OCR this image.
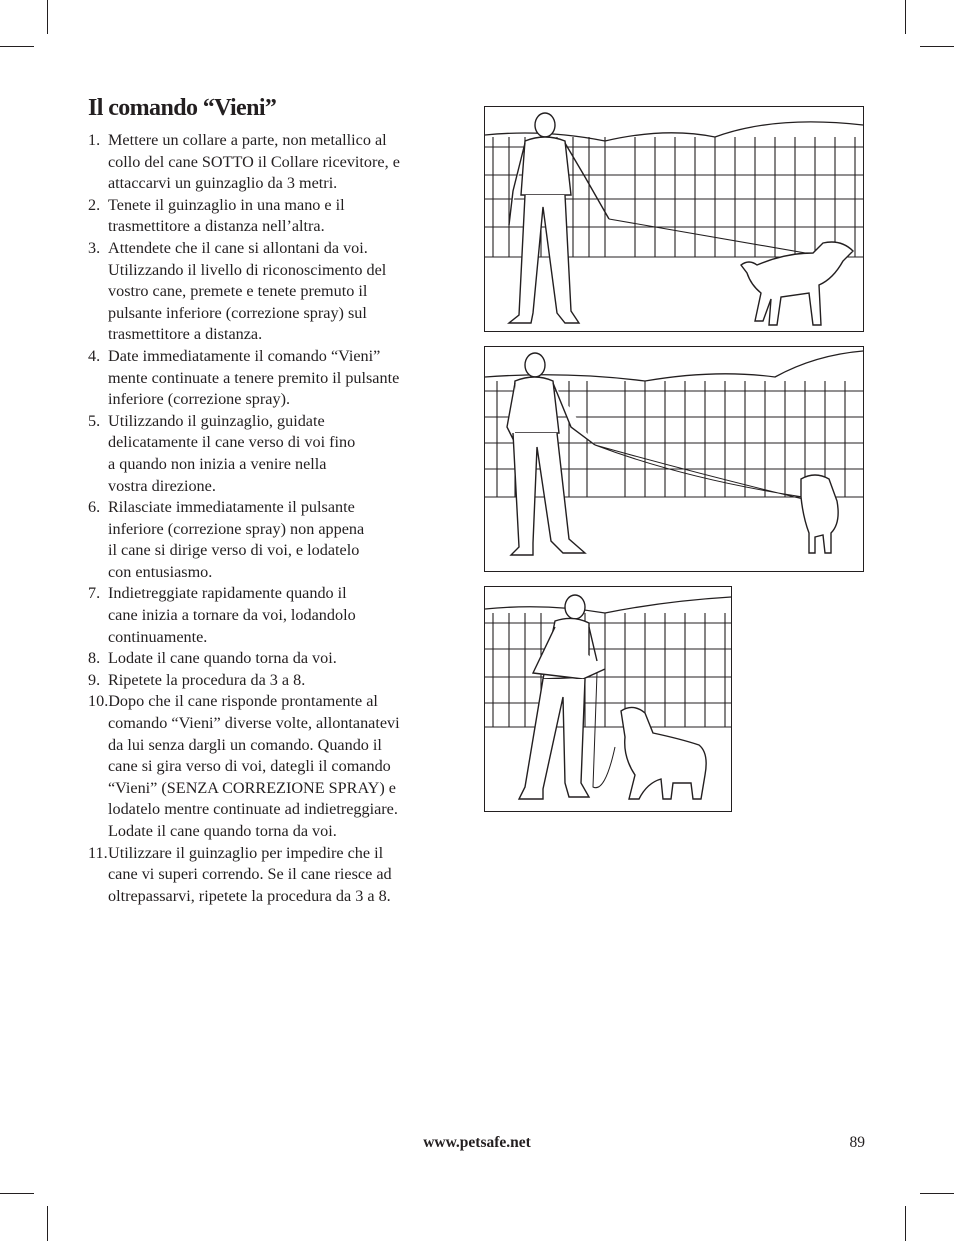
Il comando “Vieni”
1.Mettere un collare a parte, non metallico al
collo del cane SOTTO il Collare ricevitore, e
attaccarvi un guinzaglio da 3 metri.
2.Tenete il guinzaglio in una mano e il
trasmettitore a distanza nell’altra.
3.Attendete che il cane si allontani da voi.
Utilizzando il livello di riconoscimento del
vostro cane, premete e tenete premuto il
pulsante inferiore (correzione spray) sul
trasmettitore a distanza.
4.Date immediatamente il comando “Vieni”
mente continuate a tenere premito il pulsante
inferiore (correzione spray).
5.Utilizzando il guinzaglio, guidate
delicatamente il cane verso di voi fino
a quando non inizia a venire nella
vostra direzione.
6.Rilasciate immediatamente il pulsante
inferiore (correzione spray) non appena
il cane si dirige verso di voi, e lodatelo
con entusiasmo.
7.Indietreggiate rapidamente quando il
cane inizia a tornare da voi, lodandolo
continuamente.
8.Lodate il cane quando torna da voi.
9.Ripetete la procedura da 3 a 8.
10.Dopo che il cane risponde prontamente al
comando “Vieni” diverse volte, allontanatevi
da lui senza dargli un comando. Quando il
cane si gira verso di voi, dategli il comando
“Vieni” (SENZA CORREZIONE SPRAY) e
lodatelo mentre continuate ad indietreggiare.
Lodate il cane quando torna da voi.
11.Utilizzare il guinzaglio per impedire che il
cane vi superi correndo. Se il cane riesce ad
oltrepassarvi, ripetete la procedura da 3 a 8.
www.petsafe.net	89
